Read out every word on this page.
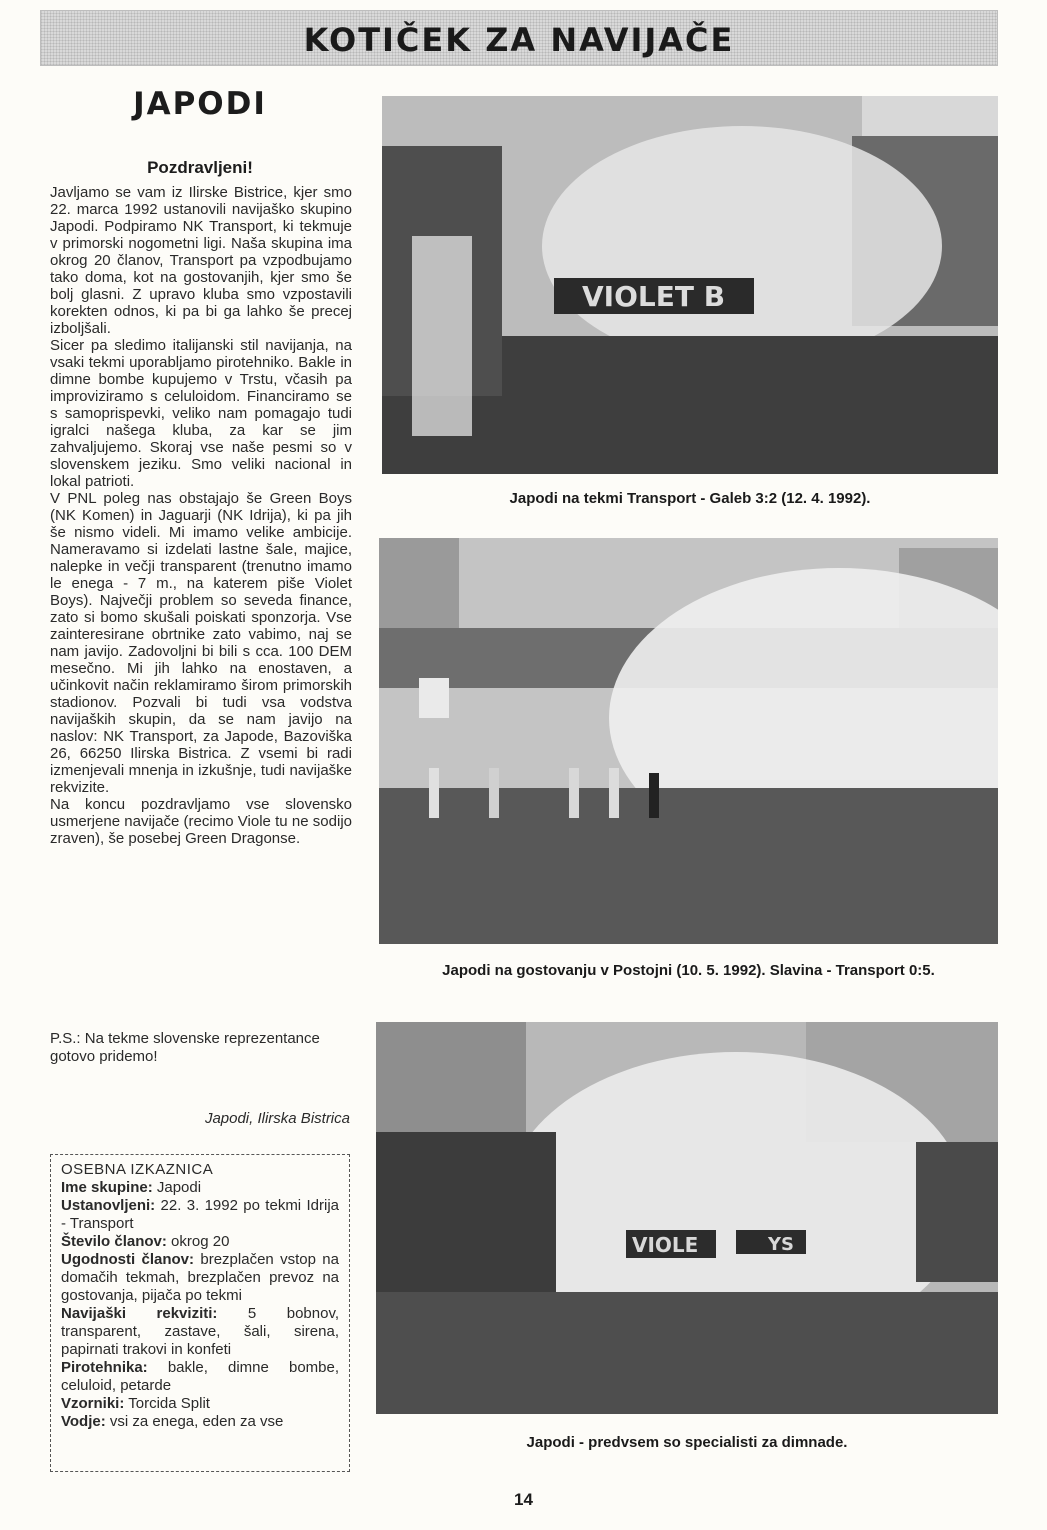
KOTIČEK ZA NAVIJAČE
JAPODI
Pozdravljeni!

Javljamo se vam iz Ilirske Bistrice, kjer smo 22. marca 1992 ustanovili navijaško skupino Japodi. Podpiramo NK Transport, ki tekmuje v primorski nogometni ligi. Naša skupina ima okrog 20 članov, Transport pa vzpodbujamo tako doma, kot na gostovanjih, kjer smo še bolj glasni. Z upravo kluba smo vzpostavili korekten odnos, ki pa bi ga lahko še precej izboljšali.

Sicer pa sledimo italijanski stil navijanja, na vsaki tekmi uporabljamo pirotehniko. Bakle in dimne bombe kupujemo v Trstu, včasih pa improviziramo s celuloidom. Financiramo se s samoprispevki, veliko nam pomagajo tudi igralci našega kluba, za kar se jim zahvaljujemo. Skoraj vse naše pesmi so v slovenskem jeziku. Smo veliki nacional in lokal patrioti.

V PNL poleg nas obstajajo še Green Boys (NK Komen) in Jaguarji (NK Idrija), ki pa jih še nismo videli. Mi imamo velike ambicije. Nameravamo si izdelati lastne šale, majice, nalepke in večji transparent (trenutno imamo le enega - 7 m., na katerem piše Violet Boys). Največji problem so seveda finance, zato si bomo skušali poiskati sponzorja. Vse zainteresirane obrtnike zato vabimo, naj se nam javijo. Zadovoljni bi bili s cca. 100 DEM mesečno. Mi jih lahko na enostaven, a učinkovit način reklamiramo širom primorskih stadionov. Pozvali bi tudi vsa vodstva navijaških skupin, da se nam javijo na naslov: NK Transport, za Japode, Bazoviška 26, 66250 Ilirska Bistrica. Z vsemi bi radi izmenjevali mnenja in izkušnje, tudi navijaške rekvizite.

Na koncu pozdravljamo vse slovensko usmerjene navijače (recimo Viole tu ne sodijo zraven), še posebej Green Dragonse.

P.S.: Na tekme slovenske reprezentance gotovo pridemo!
Japodi, Ilirska Bistrica
OSEBNA IZKAZNICA
Ime skupine: Japodi
Ustanovljeni: 22. 3. 1992 po tekmi Idrija - Transport
Število članov: okrog 20
Ugodnosti članov: brezplačen vstop na domačih tekmah, brezplačen prevoz na gostovanja, pijača po tekmi
Navijaški rekviziti: 5 bobnov, transparent, zastave, šali, sirena, papirnati trakovi in konfeti
Pirotehnika: bakle, dimne bombe, celuloid, petarde
Vzorniki: Torcida Split
Vodje: vsi za enega, eden za vse
VIOLET B
Japodi na tekmi Transport - Galeb 3:2 (12. 4. 1992).
Japodi na gostovanju v Postojni (10. 5. 1992). Slavina - Transport 0:5.
VIOLE	YS
Japodi - predvsem so specialisti za dimnade.
14
